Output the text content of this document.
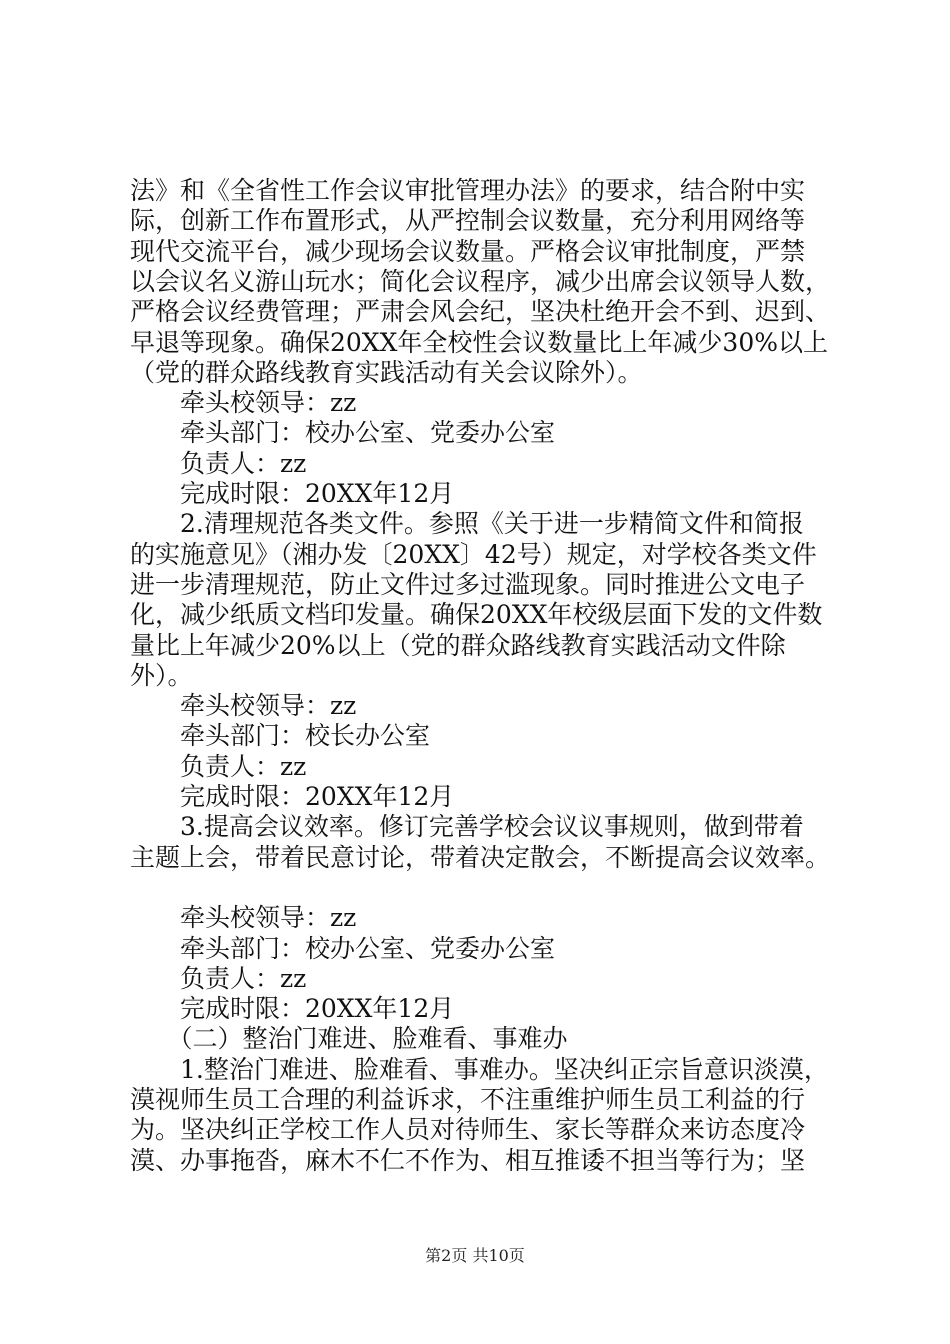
法》和《全省性工作会议审批管理办法》的要求，结合附中实
际，创新工作布置形式，从严控制会议数量，充分利用网络等
现代交流平台，减少现场会议数量。严格会议审批制度，严禁
以会议名义游山玩水；简化会议程序，减少出席会议领导人数，
严格会议经费管理；严肃会风会纪，坚决杜绝开会不到、迟到、
早退等现象。确保20XX年全校性会议数量比上年减少30%以上
（党的群众路线教育实践活动有关会议除外）。
　　牵头校领导：zz
　　牵头部门：校办公室、党委办公室
　　负责人：zz
　　完成时限：20XX年12月
　　2.清理规范各类文件。参照《关于进一步精简文件和简报
的实施意见》（湘办发〔20XX〕42号）规定，对学校各类文件
进一步清理规范，防止文件过多过滥现象。同时推进公文电子
化，减少纸质文档印发量。确保20XX年校级层面下发的文件数
量比上年减少20%以上（党的群众路线教育实践活动文件除
外）。
　　牵头校领导：zz
　　牵头部门：校长办公室
　　负责人：zz
　　完成时限：20XX年12月
　　3.提高会议效率。修订完善学校会议议事规则，做到带着
主题上会，带着民意讨论，带着决定散会，不断提高会议效率。
　　牵头校领导：zz
　　牵头部门：校办公室、党委办公室
　　负责人：zz
　　完成时限：20XX年12月
　　（二）整治门难进、脸难看、事难办
　　1.整治门难进、脸难看、事难办。坚决纠正宗旨意识淡漠，
漠视师生员工合理的利益诉求，不注重维护师生员工利益的行
为。坚决纠正学校工作人员对待师生、家长等群众来访态度冷
漠、办事拖沓，麻木不仁不作为、相互推诿不担当等行为；坚
第2页 共10页
